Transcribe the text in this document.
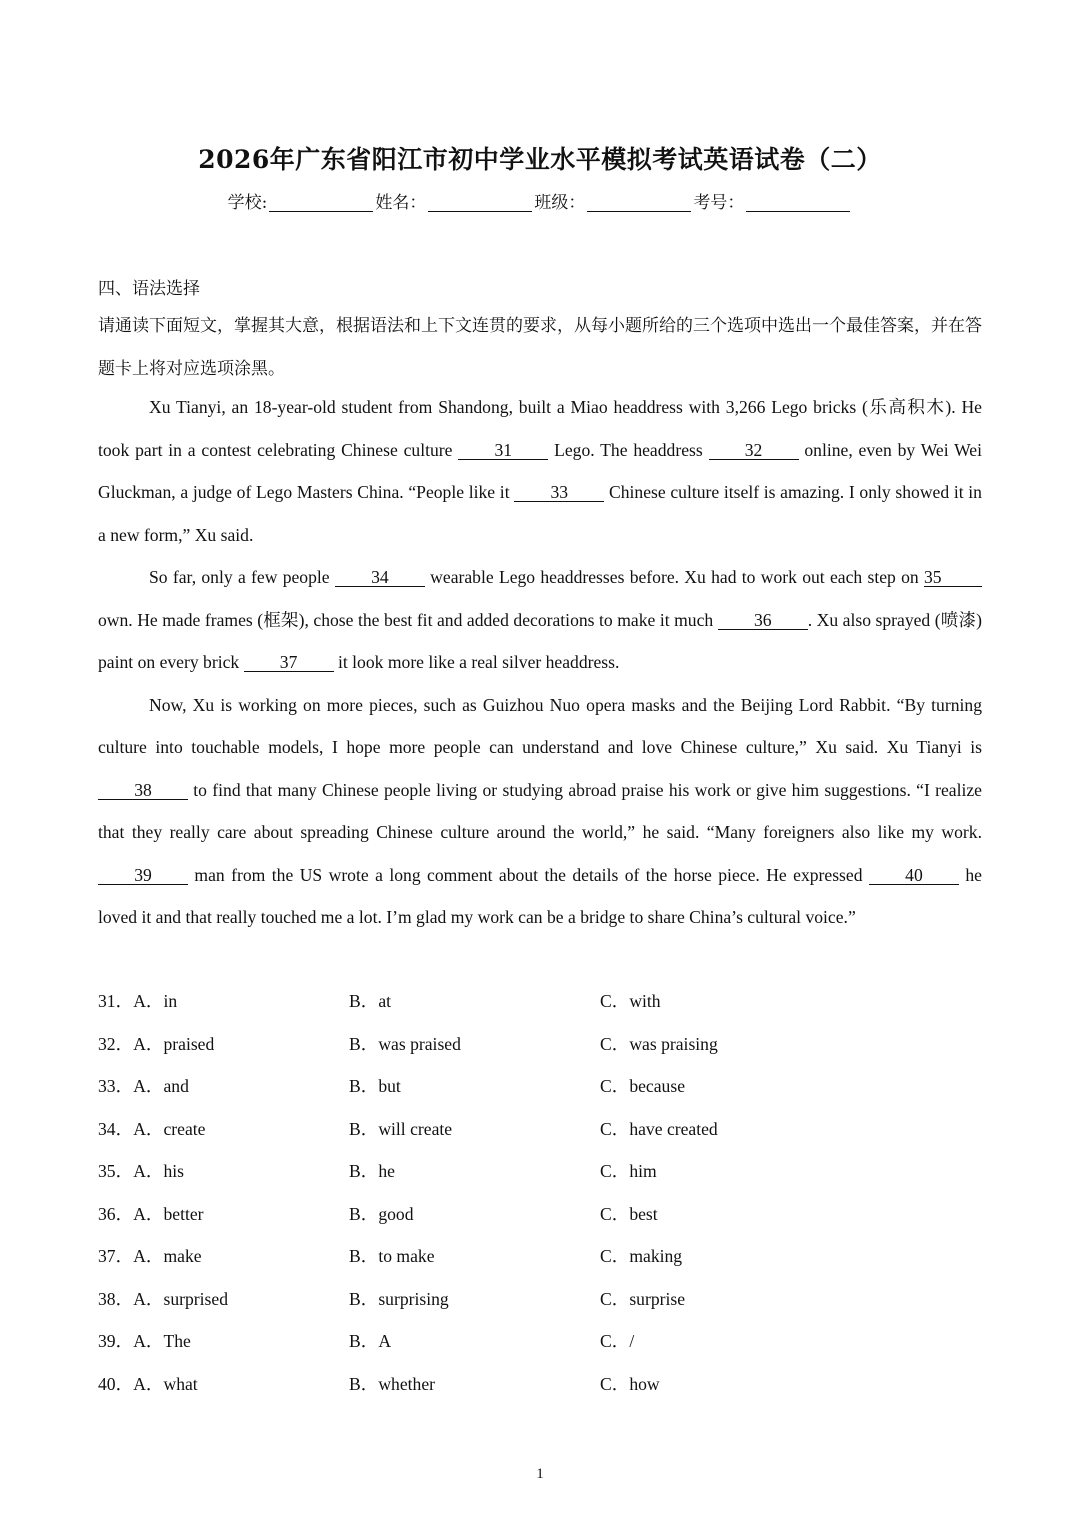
2026年广东省阳江市初中学业水平模拟考试英语试卷（二）
学校:	姓名：	班级：	考号：
四、语法选择
请通读下面短文，掌握其大意，根据语法和上下文连贯的要求，从每小题所给的三个选项中选出一个最佳答案，并在答题卡上将对应选项涂黑。

Xu Tianyi, an 18-year-old student from Shandong, built a Miao headdress with 3,266 Lego bricks (乐高积木). He took part in a contest celebrating Chinese culture 31 Lego. The headdress 32 online, even by Wei Wei Gluckman, a judge of Lego Masters China. “People like it 33 Chinese culture itself is amazing. I only showed it in a new form,” Xu said.

So far, only a few people 34 wearable Lego headdresses before. Xu had to work out each step on 35 own. He made frames (框架), chose the best fit and added decorations to make it much 36 . Xu also sprayed (喷漆) paint on every brick 37 it look more like a real silver headdress.

Now, Xu is working on more pieces, such as Guizhou Nuo opera masks and the Beijing Lord Rabbit. “By turning culture into touchable models, I hope more people can understand and love Chinese culture,” Xu said. Xu Tianyi is 38 to find that many Chinese people living or studying abroad praise his work or give him suggestions. “I realize that they really care about spreading Chinese culture around the world,” he said. “Many foreigners also like my work. 39 man from the US wrote a long comment about the details of the horse piece. He expressed 40 he loved it and that really touched me a lot. I’m glad my work can be a bridge to share China’s cultural voice.”

31．A．in	B．at	C．with
32．A．praised	B．was praised	C．was praising
33．A．and	B．but	C．because
34．A．create	B．will create	C．have created
35．A．his	B．he	C．him
36．A．better	B．good	C．best
37．A．make	B．to make	C．making
38．A．surprised	B．surprising	C．surprise
39．A．The	B．A	C．/
40．A．what	B．whether	C．how
1
